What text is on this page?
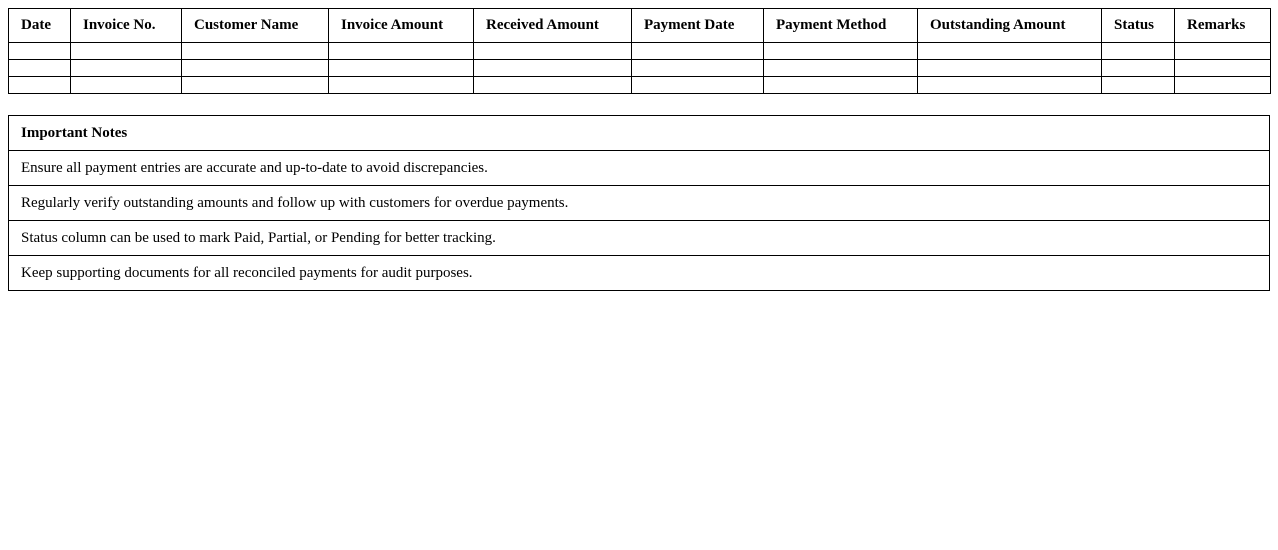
Date	Invoice No.	Customer Name	Invoice Amount	Received Amount	Payment Date	Payment Method	Outstanding Amount	Status	Remarks

Important Notes
Ensure all payment entries are accurate and up-to-date to avoid discrepancies.
Regularly verify outstanding amounts and follow up with customers for overdue payments.
Status column can be used to mark Paid, Partial, or Pending for better tracking.
Keep supporting documents for all reconciled payments for audit purposes.
